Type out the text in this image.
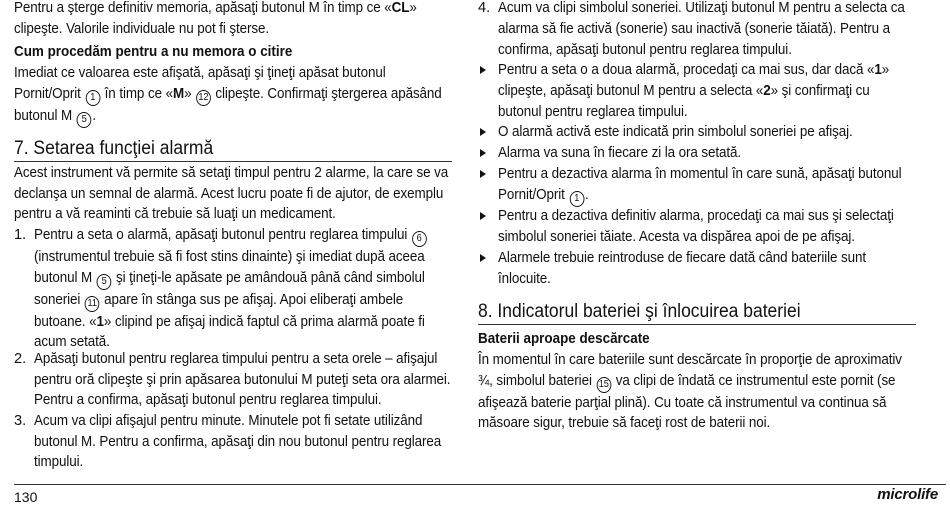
Pentru a şterge definitiv memoria, apăsaţi butonul M în timp ce «CL» clipeşte. Valorile individuale nu pot fi şterse.

Cum procedăm pentru a nu memora o citire

Imediat ce valoarea este afişată, apăsaţi şi ţineţi apăsat butonul Pornit/Oprit 1 în timp ce «M» 12 clipeşte. Confirmaţi ştergerea apăsând butonul M 5 .

7. Setarea funcţiei alarmă

Acest instrument vă permite să setaţi timpul pentru 2 alarme, la care se va declanşa un semnal de alarmă. Acest lucru poate fi de ajutor, de exemplu pentru a vă reaminti că trebuie să luaţi un medicament.

1. Pentru a seta o alarmă, apăsaţi butonul pentru reglarea timpului 6 (instrumentul trebuie să fi fost stins dinainte) şi imediat după aceea butonul M 5 şi ţineţi-le apăsate pe amândouă până când simbolul soneriei 11 apare în stânga sus pe afişaj. Apoi eliberaţi ambele butoane. «1» clipind pe afişaj indică faptul că prima alarmă poate fi acum setată.

2. Apăsaţi butonul pentru reglarea timpului pentru a seta orele – afişajul pentru oră clipeşte şi prin apăsarea butonului M puteţi seta ora alarmei. Pentru a confirma, apăsaţi butonul pentru reglarea timpului.

3. Acum va clipi afişajul pentru minute. Minutele pot fi setate utilizând butonul M. Pentru a confirma, apăsaţi din nou butonul pentru reglarea timpului.

4. Acum va clipi simbolul soneriei. Utilizaţi butonul M pentru a selecta ca alarma să fie activă (sonerie) sau inactivă (sonerie tăiată). Pentru a confirma, apăsaţi butonul pentru reglarea timpului.

Pentru a seta o a doua alarmă, procedaţi ca mai sus, dar dacă «1» clipeşte, apăsaţi butonul M pentru a selecta «2» şi confirmaţi cu butonul pentru reglarea timpului.

O alarmă activă este indicată prin simbolul soneriei pe afişaj.

Alarma va suna în fiecare zi la ora setată.

Pentru a dezactiva alarma în momentul în care sună, apăsaţi butonul Pornit/Oprit 1 .

Pentru a dezactiva definitiv alarma, procedaţi ca mai sus şi selectaţi simbolul soneriei tăiate. Acesta va dispărea apoi de pe afişaj.

Alarmele trebuie reintroduse de fiecare dată când bateriile sunt înlocuite.

8. Indicatorul bateriei şi înlocuirea bateriei

Baterii aproape descărcate

În momentul în care bateriile sunt descărcate în proporţie de aproximativ ¾, simbolul bateriei 15 va clipi de îndată ce instrumentul este pornit (se afişează baterie parţial plină). Cu toate că instrumentul va continua să măsoare sigur, trebuie să faceţi rost de baterii noi.

130	microlife
